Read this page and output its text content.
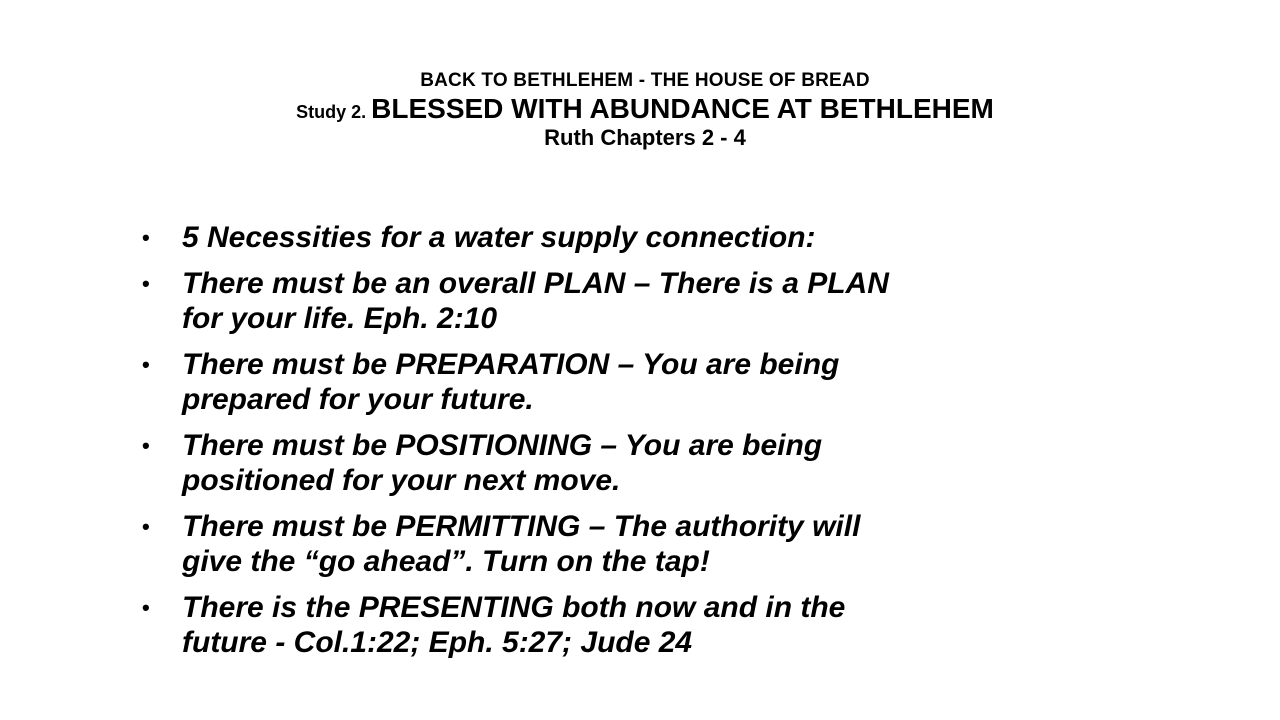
BACK TO BETHLEHEM - THE HOUSE OF BREAD
Study 2. BLESSED WITH ABUNDANCE AT BETHLEHEM
Ruth Chapters 2 - 4
• 5 Necessities for a water supply connection:
• There must be an overall PLAN – There is a PLAN
for your life. Eph. 2:10
• There must be PREPARATION – You are being
prepared for your future.
• There must be POSITIONING – You are being
positioned for your next move.
• There must be PERMITTING – The authority will
give the “go ahead”. Turn on the tap!
• There is the PRESENTING both now and in the
future - Col.1:22; Eph. 5:27; Jude 24
